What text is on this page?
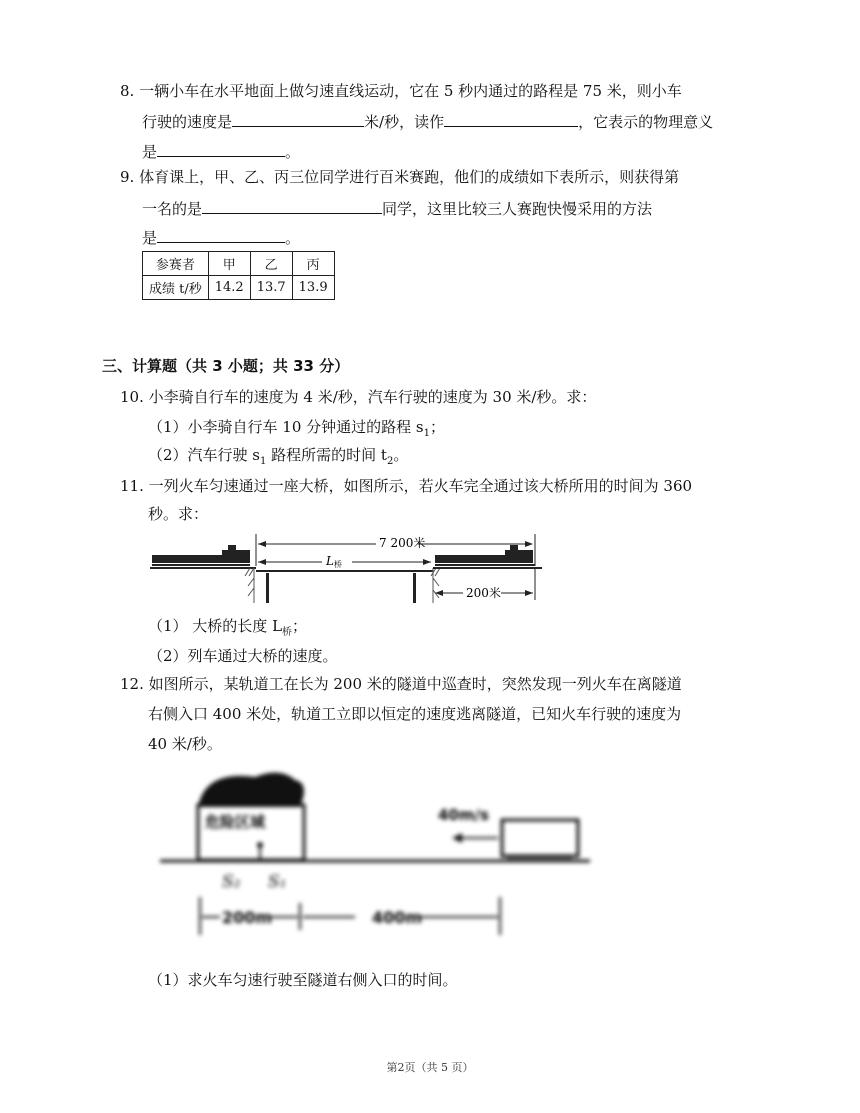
8. 一辆小车在水平地面上做匀速直线运动，它在 5 秒内通过的路程是 75 米，则小车
行驶的速度是	米/秒，读作	，它表示的物理意义
是	。
9. 体育课上，甲、乙、丙三位同学进行百米赛跑，他们的成绩如下表所示，则获得第
一名的是	同学，这里比较三人赛跑快慢采用的方法
是	。
参赛者	甲	乙	丙
成绩 t/秒	14.2	13.7	13.9
三、计算题（共 3 小题；共 33 分）
10. 小李骑自行车的速度为 4 米/秒，汽车行驶的速度为 30 米/秒。求：
（1）小李骑自行车 10 分钟通过的路程 $s_1$；
（2）汽车行驶 $s_1$ 路程所需的时间 $t_2$。
11. 一列火车匀速通过一座大桥，如图所示，若火车完全通过该大桥所用的时间为 360
秒。求：
7 200米
L桥
200米
（1） 大桥的长度 $L_桥$；
（2）列车通过大桥的速度。
12. 如图所示，某轨道工在长为 200 米的隧道中巡查时，突然发现一列火车在离隧道
右侧入口 400 米处，轨道工立即以恒定的速度逃离隧道，已知火车行驶的速度为
40 米/秒。
危险区域	40m/s
S₂ S₁
200m	400m
（1）求火车匀速行驶至隧道右侧入口的时间。
第2页（共 5 页）
